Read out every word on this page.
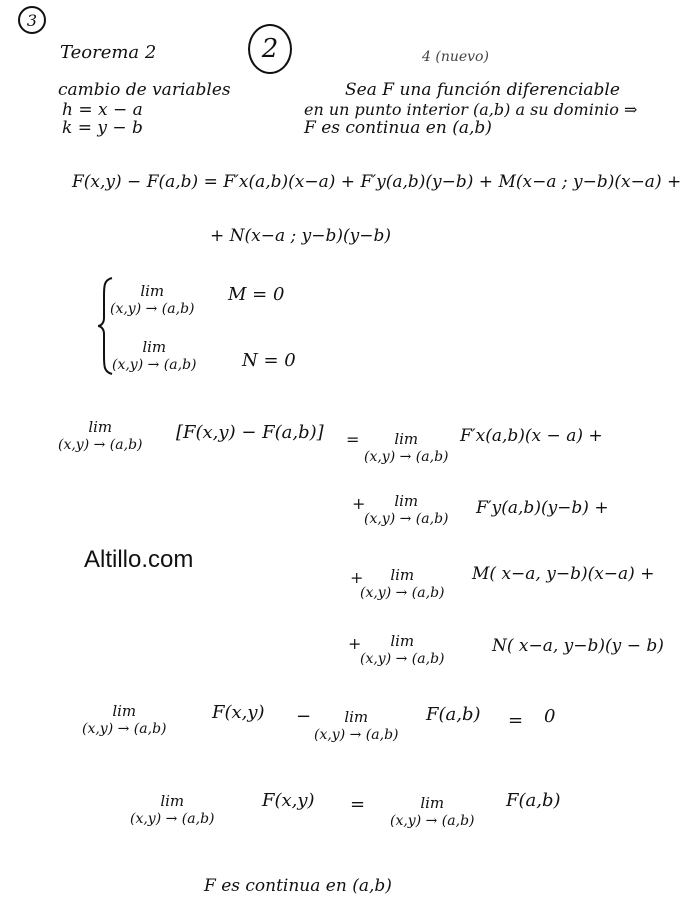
3
Teorema 2	2	4 (nuevo)
cambio de variables
h = x − a
k = y − b
Sea F una función diferenciable
en un punto interior (a,b) a su dominio ⇒
F es continua en (a,b)
F(x,y) − F(a,b) = F′x(a,b)(x−a) + F′y(a,b)(y−b) + M(x−a ; y−b)(x−a) +
+ N(x−a ; y−b)(y−b)
lim
(x,y) → (a,b)
M = 0
lim
(x,y) → (a,b)	N = 0
lim
(x,y) → (a,b)
[F(x,y) − F(a,b)] = lim
(x,y) → (a,b)
F′x(a,b)(x − a) +
+ lim
(x,y) → (a,b)
F′y(a,b)(y−b) +
+ lim
(x,y) → (a,b)
M( x−a, y−b)(x−a) +
+ lim
(x,y) → (a,b)
N( x−a, y−b)(y − b)
lim
(x,y) → (a,b)
F(x,y) − lim
(x,y) → (a,b)
F(a,b) = 0
lim
(x,y) → (a,b)
F(x,y) =	lim
(x,y) → (a,b)
F(a,b)
F es continua en (a,b)
Altillo.com
